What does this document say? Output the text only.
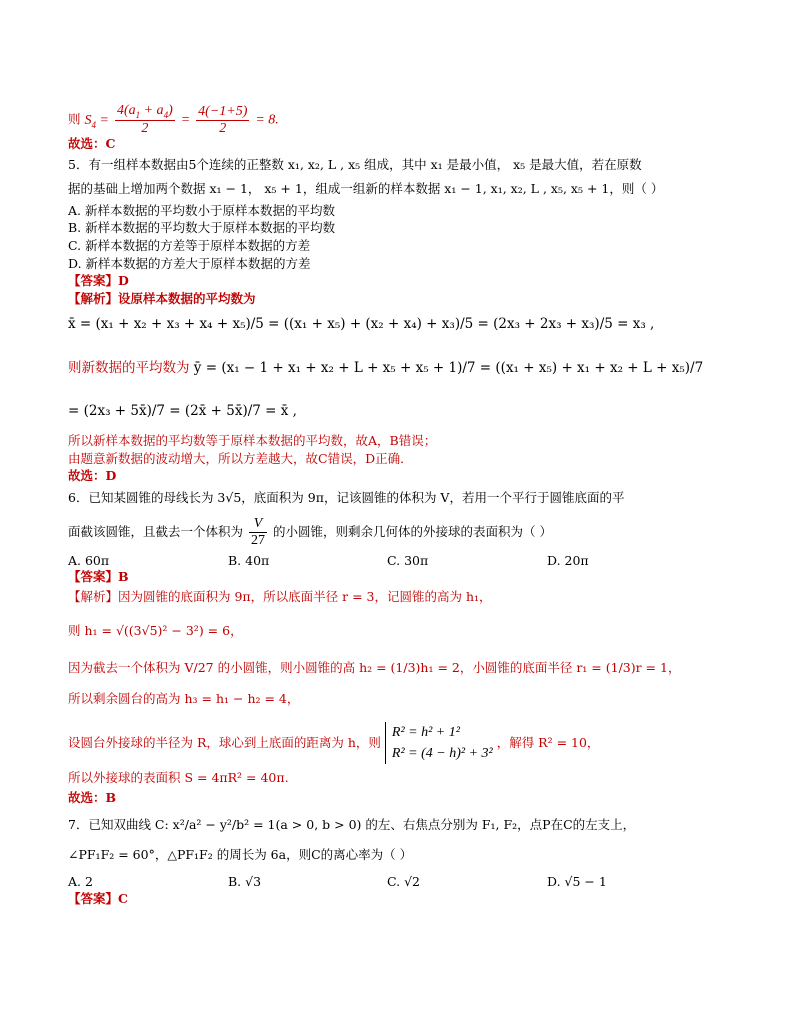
则 $S_4 = \frac{4(a_1 + a_4)}{2} = \frac{4(-1+5)}{2} = 8$.
故选：C
5．有一组样本数据由5个连续的正整数 x₁, x₂, L , x₅ 组成，其中 x₁ 是最小值， x₅ 是最大值，若在原数
据的基础上增加两个数据 x₁ − 1， x₅ + 1，组成一组新的样本数据 x₁ − 1, x₁, x₂, L , x₅, x₅ + 1，则（ ）
A. 新样本数据的平均数小于原样本数据的平均数
B. 新样本数据的平均数大于原样本数据的平均数
C. 新样本数据的方差等于原样本数据的方差
D. 新样本数据的方差大于原样本数据的方差
【答案】D
【解析】设原样本数据的平均数为
x̄ = (x₁ + x₂ + x₃ + x₄ + x₅)/5 = ((x₁ + x₅) + (x₂ + x₄) + x₃)/5 = (2x₃ + 2x₃ + x₃)/5 = x₃ ,
则新数据的平均数为 ȳ = (x₁ − 1 + x₁ + x₂ + L + x₅ + x₅ + 1)/7 = ((x₁ + x₅) + x₁ + x₂ + L + x₅)/7
= (2x₃ + 5x̄)/7 = (2x̄ + 5x̄)/7 = x̄ ,
所以新样本数据的平均数等于原样本数据的平均数，故A，B错误；
由题意新数据的波动增大，所以方差越大，故C错误，D正确．
故选：D
6．已知某圆锥的母线长为 3√5，底面积为 9π，记该圆锥的体积为 V，若用一个平行于圆锥底面的平
面截该圆锥，且截去一个体积为 $\frac{V}{27}$ 的小圆锥，则剩余几何体的外接球的表面积为（ ）
A. 60π	B. 40π	C. 30π	D. 20π
【答案】B
【解析】因为圆锥的底面积为 9π，所以底面半径 r = 3，记圆锥的高为 h₁，
则 h₁ = √((3√5)² − 3²) = 6，
因为截去一个体积为 V/27 的小圆锥，则小圆锥的高 h₂ = (1/3)h₁ = 2，小圆锥的底面半径 r₁ = (1/3)r = 1，
所以剩余圆台的高为 h₃ = h₁ − h₂ = 4，
设圆台外接球的半径为 R，球心到上底面的距离为 h，则
R² = h² + 1²
R² = (4 − h)² + 3²
，解得 R² = 10，
所以外接球的表面积 S = 4πR² = 40π.
故选：B
7．已知双曲线 C: x²/a² − y²/b² = 1(a > 0, b > 0) 的左、右焦点分别为 F₁, F₂，点P在C的左支上，
∠PF₁F₂ = 60°，△PF₁F₂ 的周长为 6a，则C的离心率为（ ）
A. 2	B. √3	C. √2	D. √5 − 1
【答案】C
